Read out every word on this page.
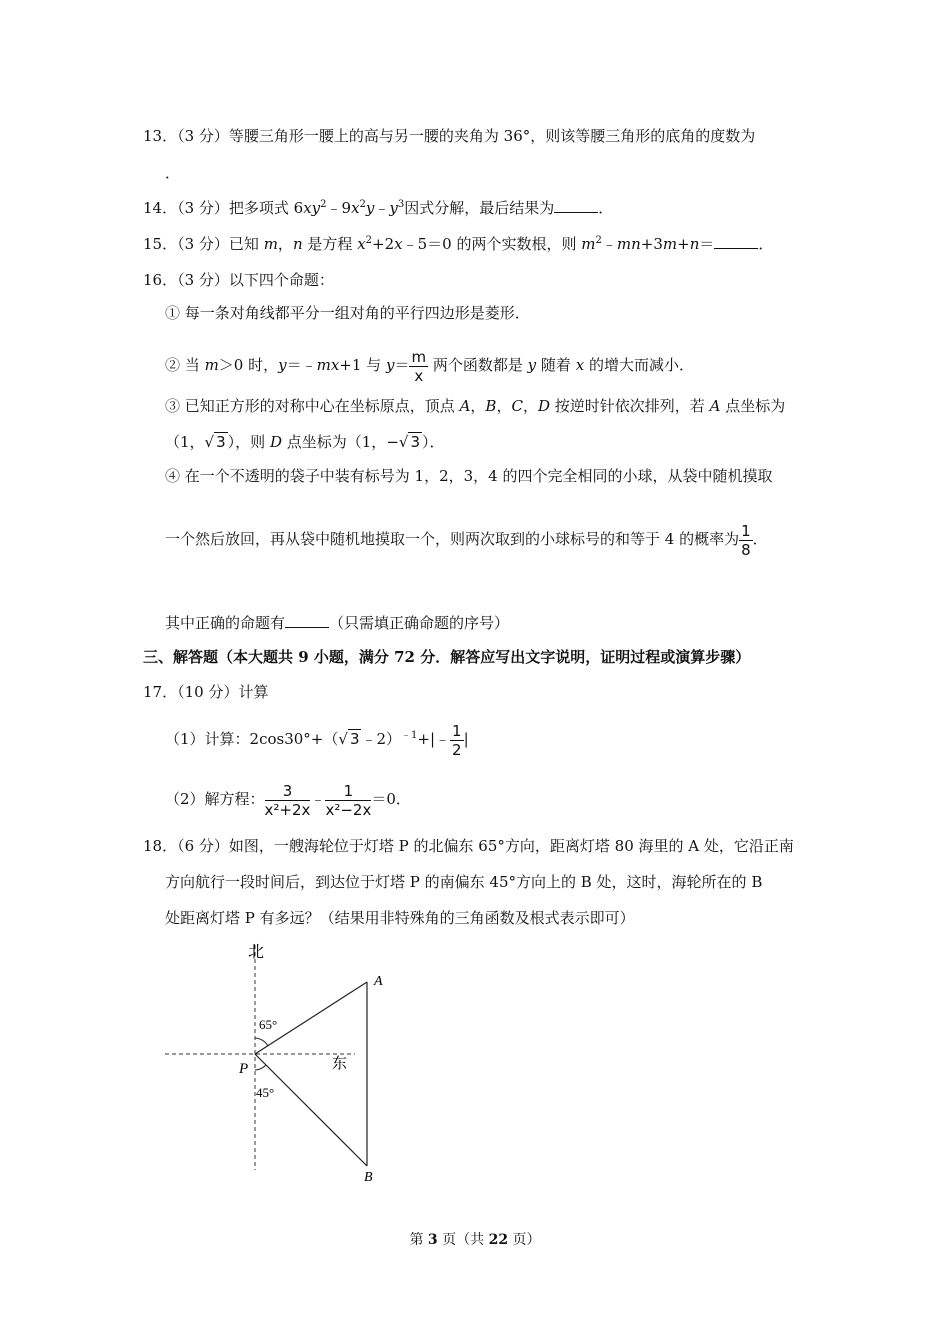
13．（3 分）等腰三角形一腰上的高与另一腰的夹角为 36°，则该等腰三角形的底角的度数为
．
14．（3 分）把多项式 $6xy^2﹣9x^2y﹣y^3$因式分解，最后结果为	．
15．（3 分）已知 m，n 是方程 $x^2+2x﹣5=0$ 的两个实数根，则 $m^2﹣mn+3m+n=$	．
16．（3 分）以下四个命题：
① 每一条对角线都平分一组对角的平行四边形是菱形．
② 当 m＞0 时，y＝﹣mx+1 与 $y= \frac{m}{x}$ 两个函数都是 y 随着 x 的增大而减小．
③ 已知正方形的对称中心在坐标原点，顶点 A，B，C，D 按逆时针依次排列，若 A 点坐标为
（1，√ 3 ），则 D 点坐标为（1，−√ 3 ）．
④ 在一个不透明的袋子中装有标号为 1，2，3，4 的四个完全相同的小球，从袋中随机摸取
一个然后放回，再从袋中随机地摸取一个，则两次取到的小球标号的和等于 4 的概率为 $\frac{1}{8}$ ．
其中正确的命题有	（只需填正确命题的序号）
三、解答题（本大题共 9 小题，满分 72 分．解答应写出文字说明，证明过程或演算步骤）
17．（10 分）计算
（1）计算：2cos30°+（√ 3 ﹣2）$^{﹣1}$+|﹣ $\frac{1}{2}$ |
（2）解方程： $\frac{3}{\text{x²+2x}}$ ﹣ $\frac{1}{\text{x²−2x}} =0$．
18．（6 分）如图，一艘海轮位于灯塔 P 的北偏东 65°方向，距离灯塔 80 海里的 A 处，它沿正南
方向航行一段时间后，到达位于灯塔 P 的南偏东 45°方向上的 B 处，这时，海轮所在的 B
处距离灯塔 P 有多远？（结果用非特殊角的三角函数及根式表示即可）
北
东
P
A
B
65°
45°
第 3 页（共 22 页）
